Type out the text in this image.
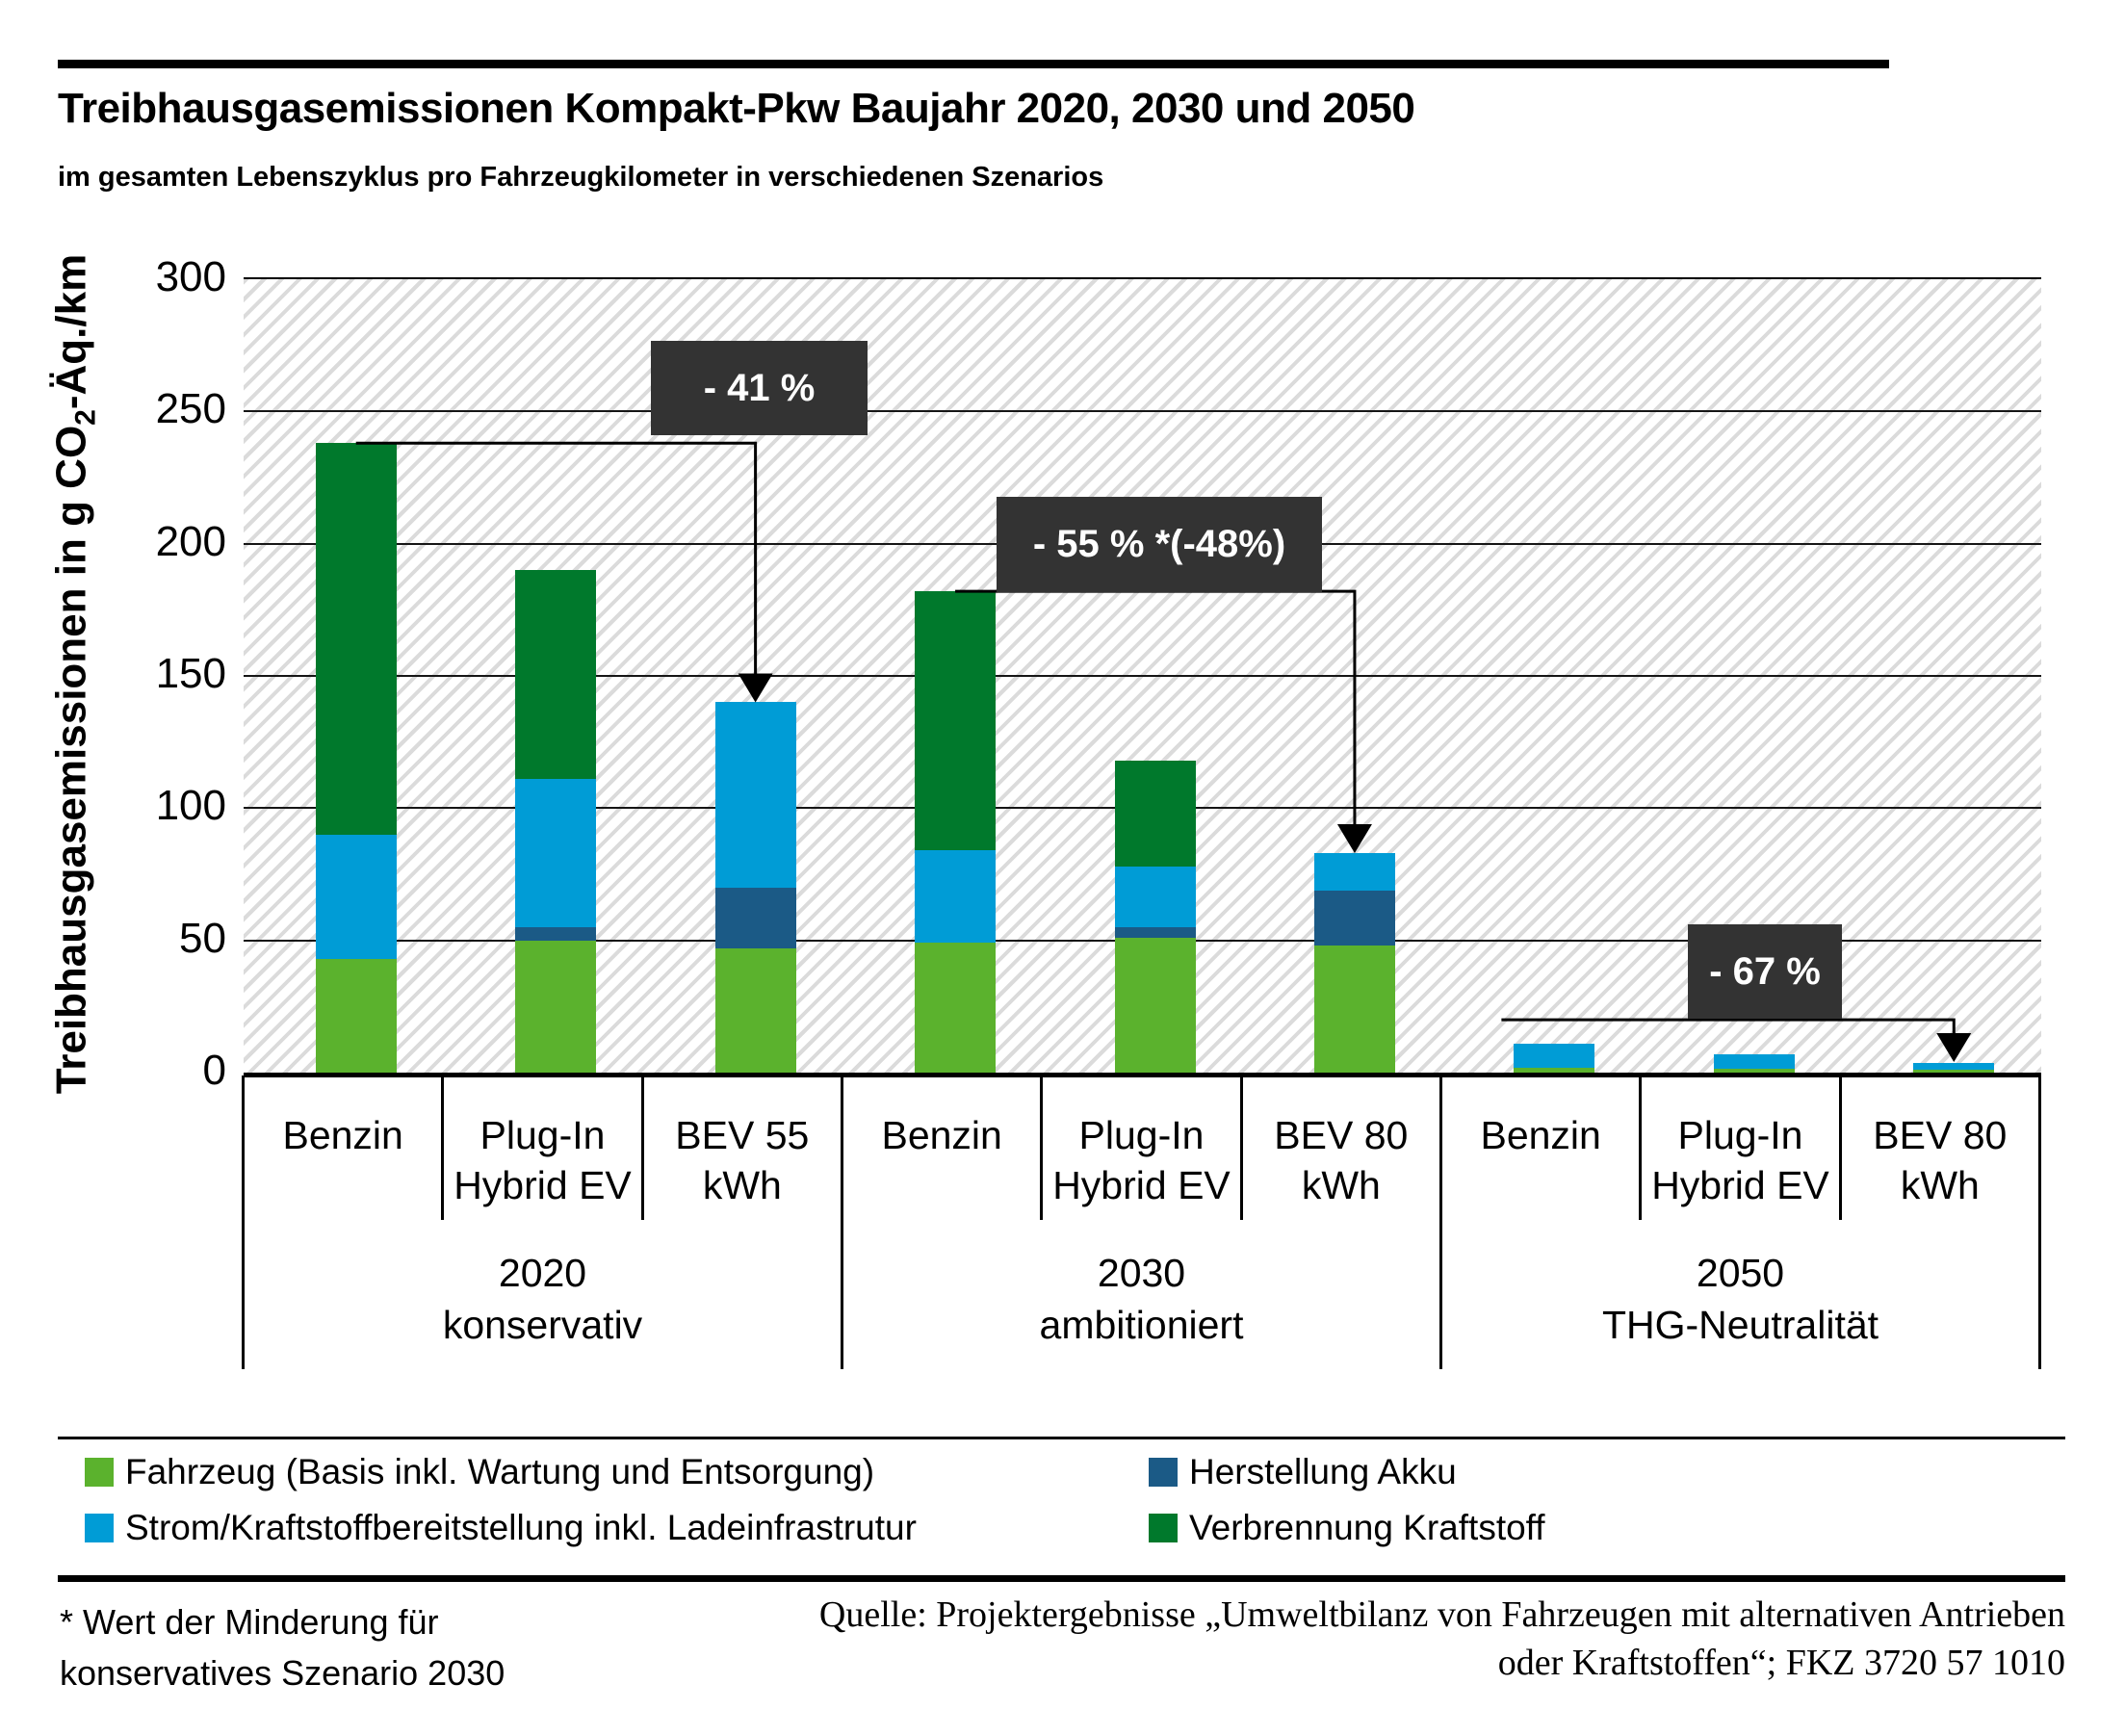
Treibhausgasemissionen Kompakt-Pkw Baujahr 2020, 2030 und 2050
im gesamten Lebenszyklus pro Fahrzeugkilometer in verschiedenen Szenarios
Treibhausgasemissionen in g $CO_2-Äq./km$	300
250
200
150
100
50
0
- 41 %
- 55 % *(-48%)
- 67 %
Benzin	Plug-In
Hybrid EV
BEV 55
kWh
2020
konservativ
Benzin	Plug-In
Hybrid EV
BEV 80
kWh
2030
ambitioniert
Benzin	Plug-In
Hybrid EV
BEV 80
kWh
2050
THG-Neutralität
Fahrzeug (Basis inkl. Wartung und Entsorgung)
Strom/Kraftstoffbereitstellung inkl. Ladeinfrastrutur
Herstellung Akku
Verbrennung Kraftstoff
* Wert der Minderung für
konservatives Szenario 2030
Quelle: Projektergebnisse „Umweltbilanz von Fahrzeugen mit alternativen Antrieben
oder Kraftstoffen“; FKZ 3720 57 1010
